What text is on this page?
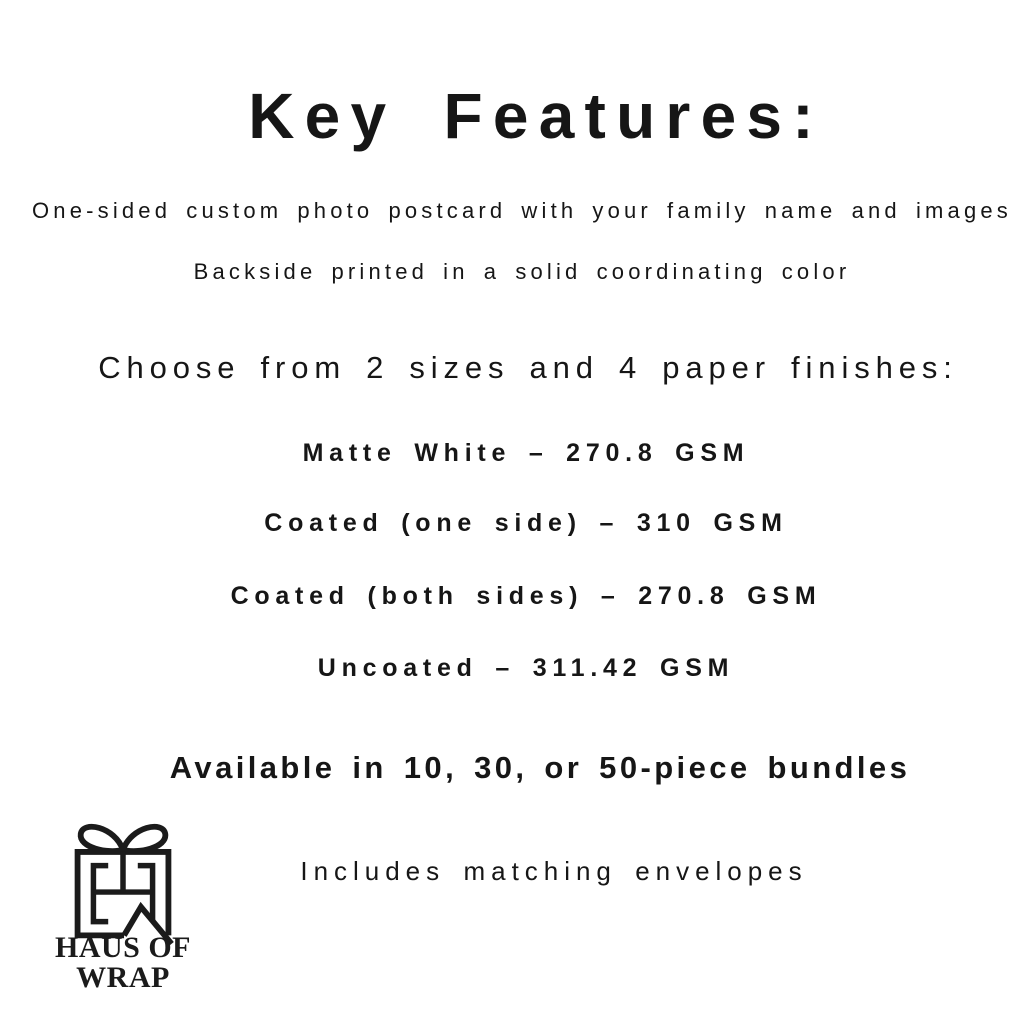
Key Features:

One-sided custom photo postcard with your family name and images

Backside printed in a solid coordinating color

Choose from 2 sizes and 4 paper finishes:

Matte White – 270.8 GSM

Coated (one side) – 310 GSM

Coated (both sides) – 270.8 GSM

Uncoated – 311.42 GSM

Available in 10, 30, or 50-piece bundles

Includes matching envelopes

HAUS OF
WRAP
